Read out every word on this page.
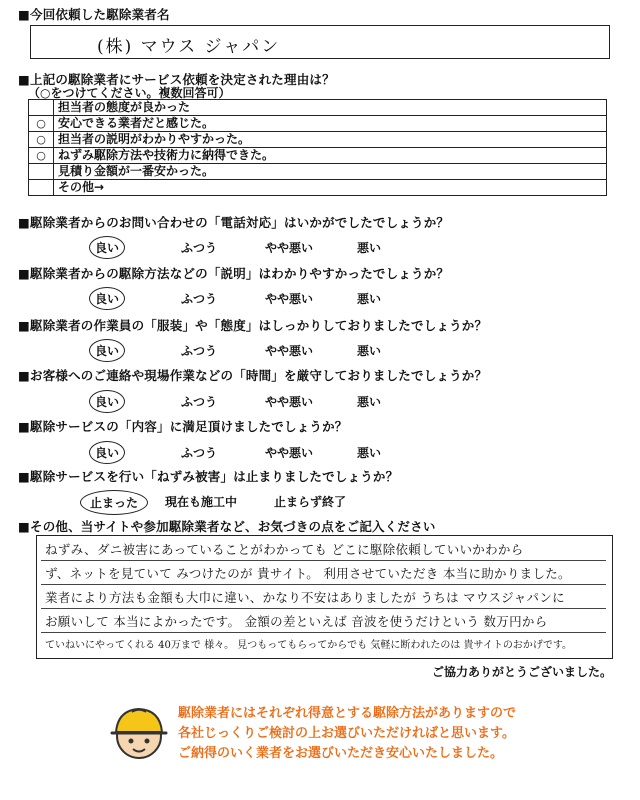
■今回依頼した駆除業者名
(株) マウス ジャパン
■上記の駆除業者にサービス依頼を決定された理由は？
（○をつけてください。複数回答可）
	担当者の態度が良かった
○	安心できる業者だと感じた。
○	担当者の説明がわかりやすかった。
○	ねずみ駆除方法や技術力に納得できた。
	見積り金額が一番安かった。
	その他→
■駆除業者からのお問い合わせの「電話対応」はいかがでしたでしょうか？
良い	ふつう	やや悪い	悪い
■駆除業者からの駆除方法などの「説明」はわかりやすかったでしょうか？
良い	ふつう	やや悪い	悪い
■駆除業者の作業員の「服装」や「態度」はしっかりしておりましたでしょうか？
良い	ふつう	やや悪い	悪い
■お客様へのご連絡や現場作業などの「時間」を厳守しておりましたでしょうか？
良い	ふつう	やや悪い	悪い
■駆除サービスの「内容」に満足頂けましたでしょうか？
良い	ふつう	やや悪い	悪い
■駆除サービスを行い「ねずみ被害」は止まりましたでしょうか？
止まった	現在も施工中	止まらず終了
■その他、当サイトや参加駆除業者など、お気づきの点をご記入ください
ねずみ、ダニ被害にあっていることがわかっても どこに駆除依頼していいかわから
ず、ネットを見ていて みつけたのが 貴サイト。 利用させていただき 本当に助かりました。
業者により方法も金額も大巾に違い、かなり不安はありましたが うちは マウスジャパンに
お願いして 本当によかったです。 金額の差といえば 音波を使うだけという 数万円から
ていねいにやってくれる 40万まで 様々。 見つもってもらってからでも 気軽に断われたのは 貴サイトのおかげです。
ご協力ありがとうございました。
駆除業者にはそれぞれ得意とする駆除方法がありますので
各社じっくりご検討の上お選びいただければと思います。
ご納得のいく業者をお選びいただき安心いたしました。
